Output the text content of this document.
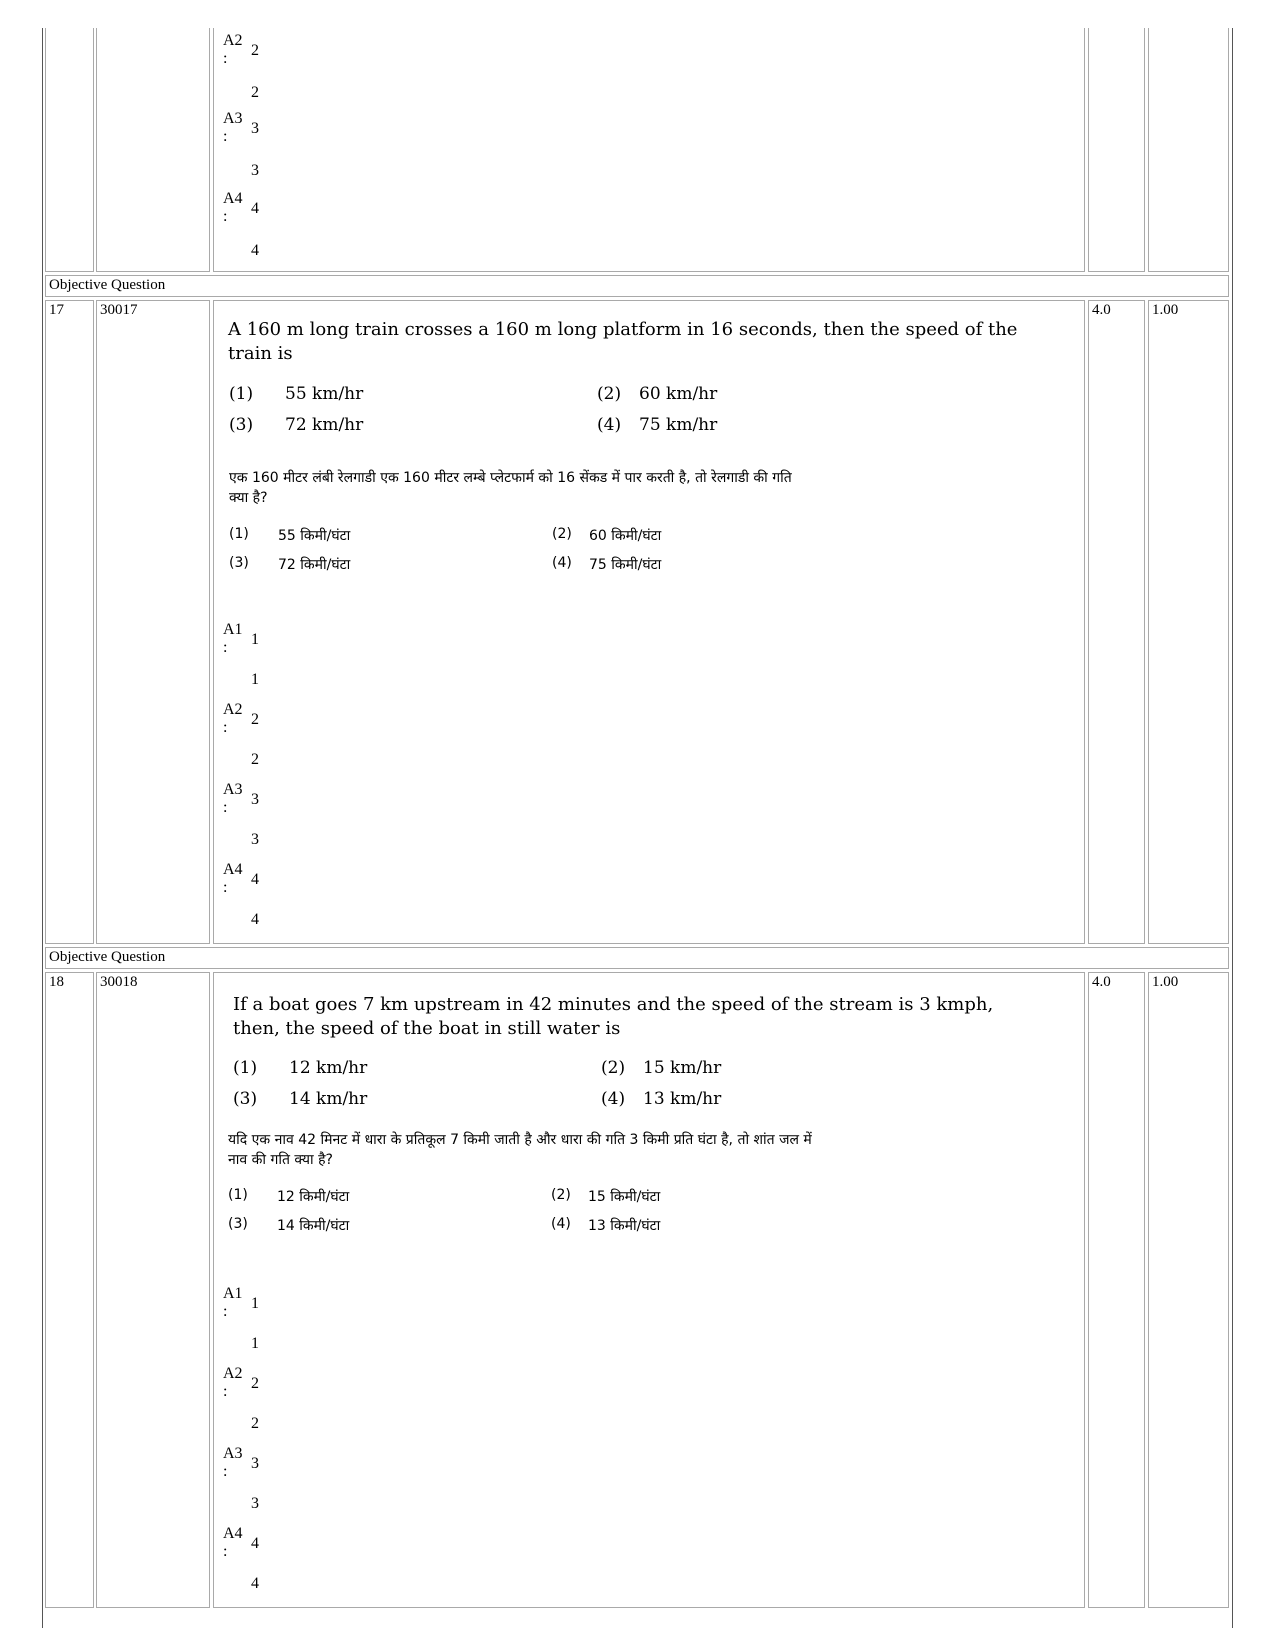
A2
:	2
2
A3
:	3
3
A4
:	4
4
Objective Question
17	30017
A 160 m long train crosses a 160 m long platform in 16 seconds, then the speed of the
train is
(1) 55 km/hr	(2) 60 km/hr
(3) 72 km/hr	(4) 75 km/hr
एक 160 मीटर लंबी रेलगाडी एक 160 मीटर लम्बे प्लेटफार्म को 16 सेंकड में पार करती है, तो रेलगाडी की गति
क्या है?
(1) 55 किमी/घंटा	(2) 60 किमी/घंटा
(3) 72 किमी/घंटा	(4) 75 किमी/घंटा
A1
:	1
1
A2
:	2
2
A3
:	3
3
A4
:	4
4
4.0	1.00
Objective Question
18	30018
If a boat goes 7 km upstream in 42 minutes and the speed of the stream is 3 kmph,
then, the speed of the boat in still water is
(1) 12 km/hr	(2) 15 km/hr
(3) 14 km/hr	(4) 13 km/hr
यदि एक नाव 42 मिनट में धारा के प्रतिकूल 7 किमी जाती है और धारा की गति 3 किमी प्रति घंटा है, तो शांत जल में
नाव की गति क्या है?
(1) 12 किमी/घंटा	(2) 15 किमी/घंटा
(3) 14 किमी/घंटा	(4) 13 किमी/घंटा
A1
:	1
1
A2
:	2
2
A3
:	3
3
A4
:	4
4
4.0	1.00
